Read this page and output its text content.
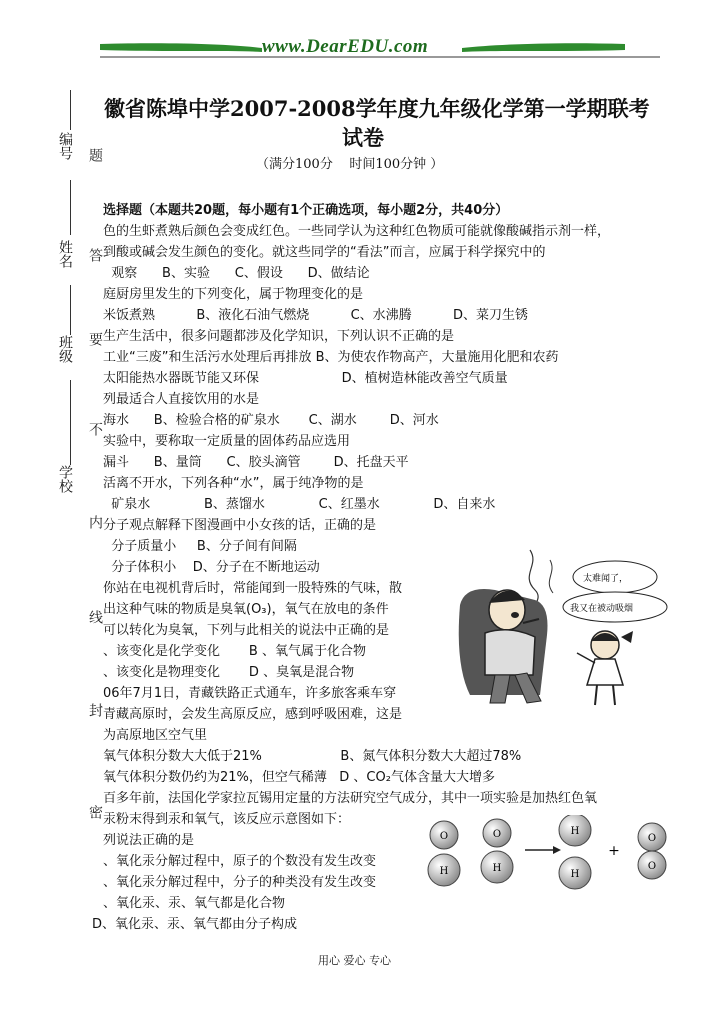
www.DearEDU.com
编号
姓名
班级
学校
题
答
要
不
内
线
封
密
徽省陈埠中学2007-2008学年度九年级化学第一学期联考
试卷
（满分100分    时间100分钟 ）
选择题（本题共20题，每小题有1个正确选项，每小题2分，共40分）
色的生虾煮熟后颜色会变成红色。一些同学认为这种红色物质可能就像酸碱指示剂一样，
到酸或碱会发生颜色的变化。就这些同学的“看法”而言，应属于科学探究中的
观察      B、实验      C、假设      D、做结论
庭厨房里发生的下列变化，属于物理变化的是
米饭煮熟          B、液化石油气燃烧          C、水沸腾          D、菜刀生锈
生产生活中，很多问题都涉及化学知识，下列认识不正确的是
工业“三废”和生活污水处理后再排放 B、为使农作物高产，大量施用化肥和农药
太阳能热水器既节能又环保                    D、植树造林能改善空气质量
列最适合人直接饮用的水是
海水      B、检验合格的矿泉水       C、湖水        D、河水
实验中，要称取一定质量的固体药品应选用
漏斗      B、量筒      C、胶头滴管        D、托盘天平
活离不开水，下列各种“水”，属于纯净物的是
矿泉水             B、蒸馏水             C、红墨水             D、自来水
分子观点解释下图漫画中小女孩的话，正确的是
分子质量小     B、分子间有间隔
分子体积小    D、分子在不断地运动
你站在电视机背后时，常能闻到一股特殊的气味，散
出这种气味的物质是臭氧(O₃)，氧气在放电的条件
可以转化为臭氧，下列与此相关的说法中正确的是
、该变化是化学变化       B 、氧气属于化合物
、该变化是物理变化       D 、臭氧是混合物
06年7月1日，青藏铁路正式通车，许多旅客乘车穿
青藏高原时，会发生高原反应，感到呼吸困难，这是
为高原地区空气里
氧气体积分数大大低于21%                   B、氮气体积分数大大超过78%
氧气体积分数仍约为21%，但空气稀薄   D 、CO₂气体含量大大增多
百多年前，法国化学家拉瓦锡用定量的方法研究空气成分，其中一项实验是加热红色氧
汞粉末得到汞和氧气，该反应示意图如下：
列说法正确的是
、氧化汞分解过程中，原子的个数没有发生改变
、氧化汞分解过程中，分子的种类没有发生改变
、氧化汞、汞、氧气都是化合物
D、氧化汞、汞、氧气都由分子构成
太难闻了，
我又在被动吸烟
O
H
O
H
H
H
+
O
O
用心 爱心 专心
